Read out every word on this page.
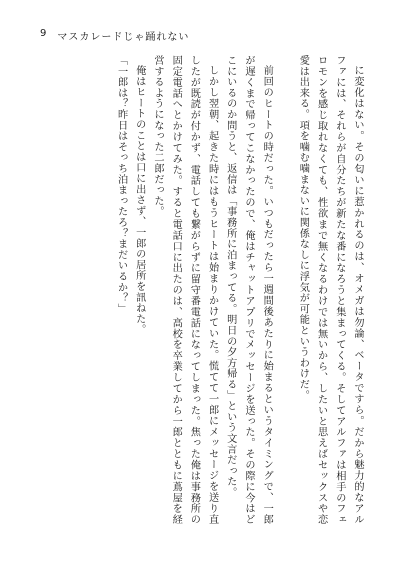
9 マスカレードじゃ踊れない

に変化はない。その匂いに惹かれるのは、オメガは勿論、ベータですら。だから魅力的なアルファには、それらが自分たちが新たな番になろうと集まってくる。そしてアルファは相手のフェロモンを感じ取れなくても、性欲まで無くなるわけでは無いから、したいと思えばセックスや恋愛は出来る。項を噛む噛まないに関係なしに浮気が可能というわけだ。

前回のヒートの時だった。いつもだったら一週間後あたりに始まるというタイミングで、一郎が遅くまで帰ってこなかったので、俺はチャットアプリでメッセージを送った。その際に今はどこにいるのか問うと、返信は「事務所に泊まってる。明日の夕方帰る」という文言だった。

しかし翌朝、起きた時にはもうヒートは始まりかけていた。慌てて一郎にメッセージを送り直したが既読が付かず、電話しても繋がらずに留守番電話になってしまった。焦った俺は事務所の固定電話へとかけてみた。すると電話口に出たのは、高校を卒業してから一郎とともに蔦屋を経営するようになった二郎だった。

俺はヒートのことは口に出さず、一郎の居所を訊ねた。

「一郎は？昨日はそっち泊まったろ？まだいるか？」
